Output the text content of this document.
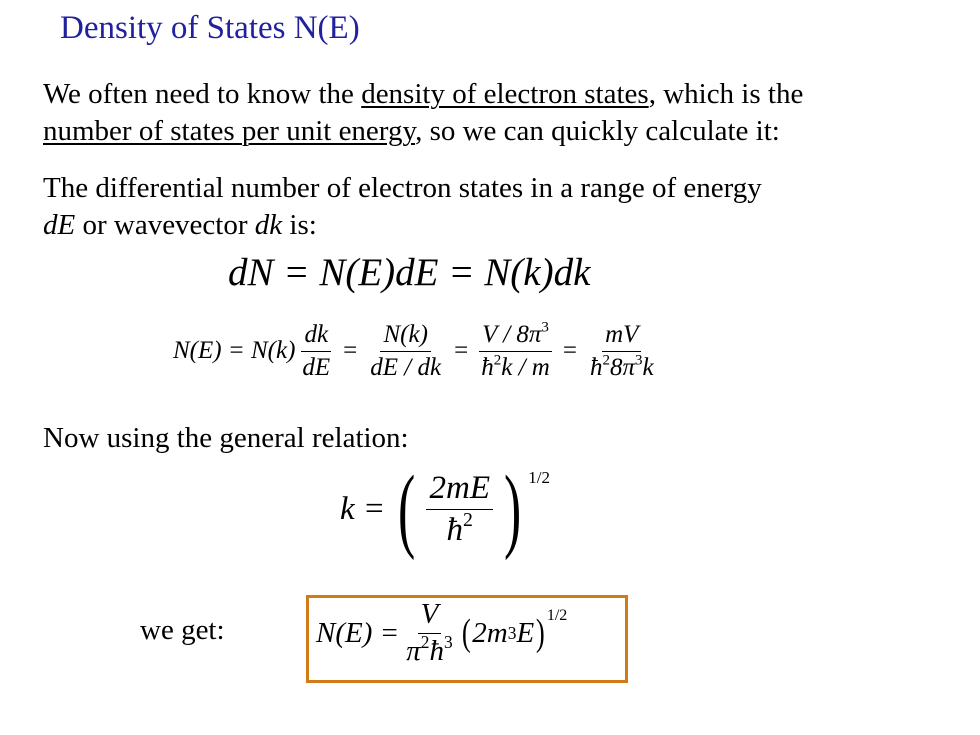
Density of States N(E)
We often need to know the density of electron states, which is the
number of states per unit energy, so we can quickly calculate it:
The differential number of electron states in a range of energy
dE or wavevector dk is:
dN = N(E)dE = N(k)dk
$N(E) = N(k) \frac{dk}{dE} = \frac{N(k)}{dE / dk} = \frac{V / 8\pi^3}{ħ^2k / m} = \frac{mV}{ħ^28\pi^3k}$
Now using the general relation:
k = ( $\frac{2mE}{ħ^2}$ ) 1/2
we get:	$N(E) = \frac{V}{\pi^2ħ^3}$ ( 2m 3 E ) 1/2
